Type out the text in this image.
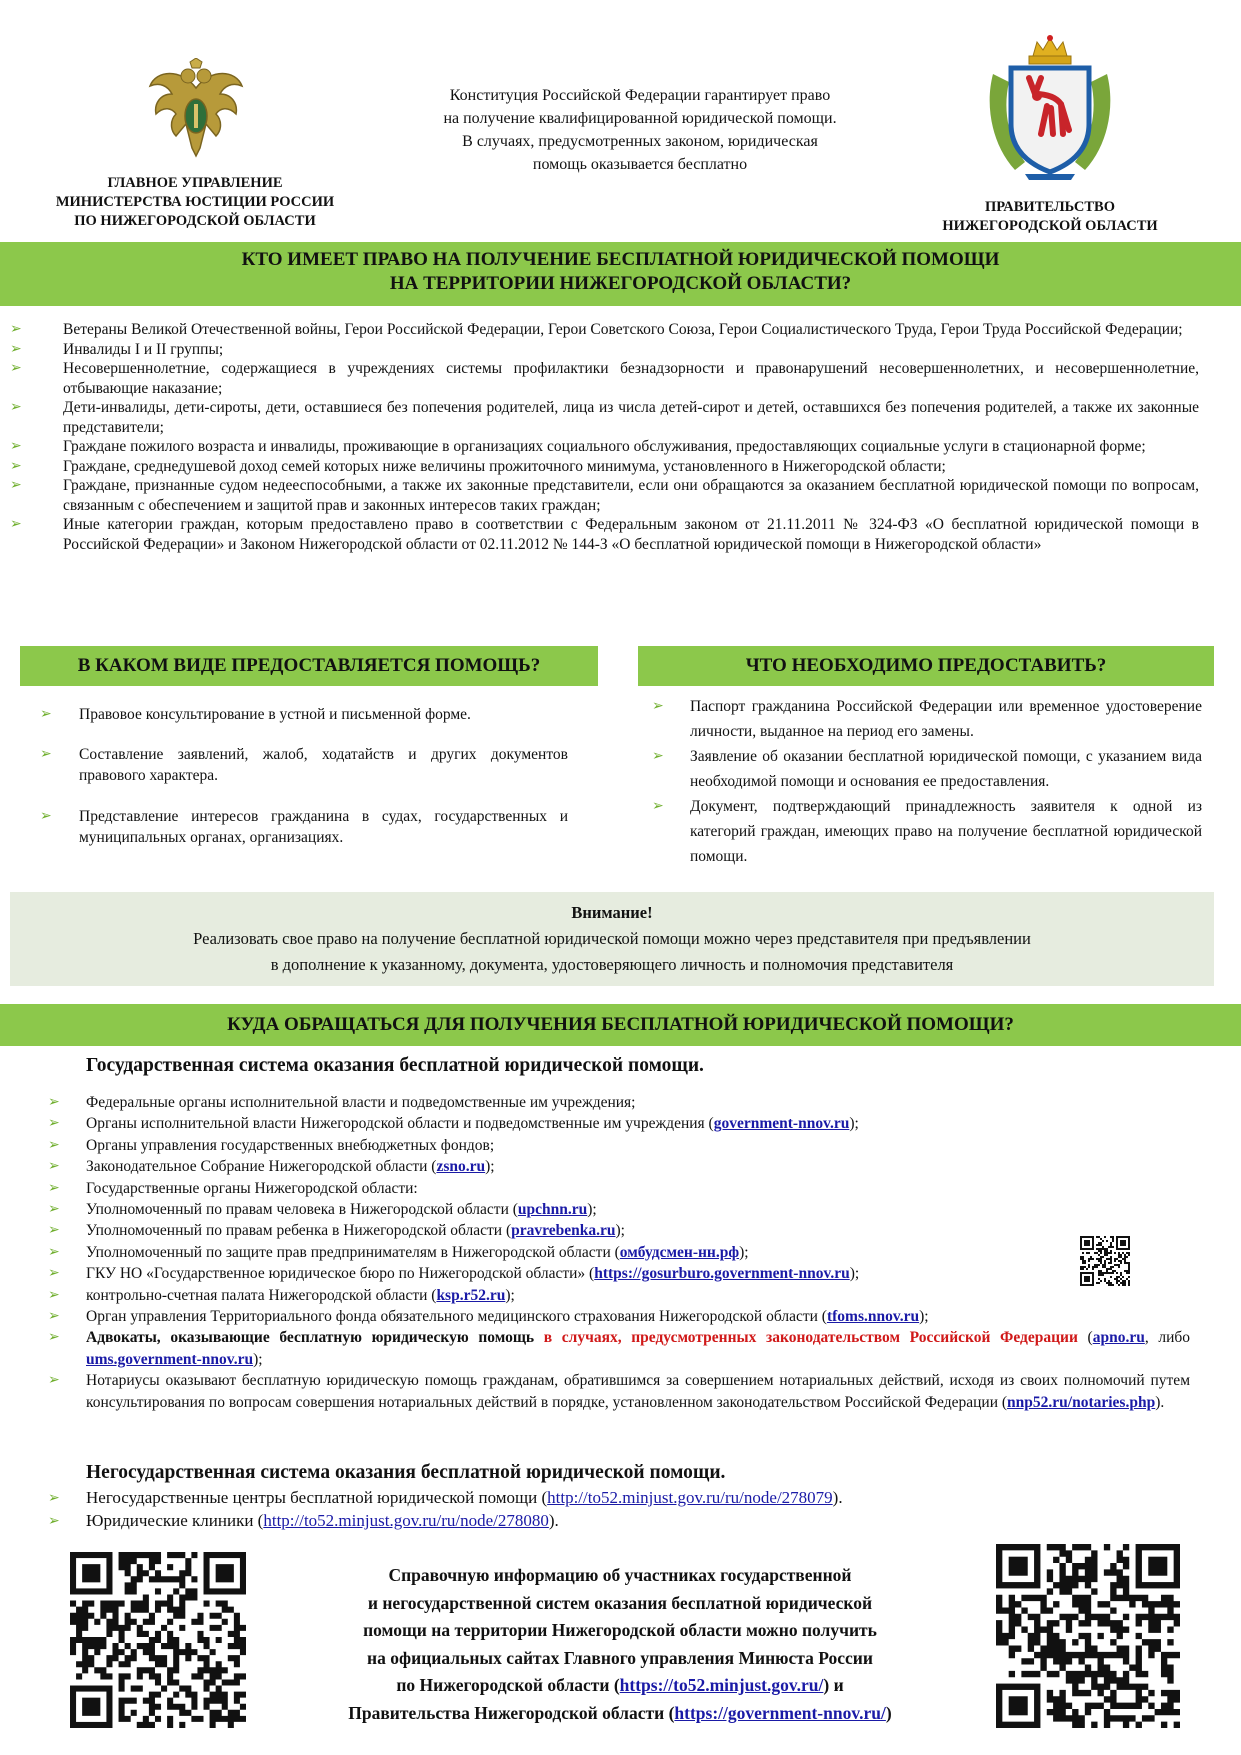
ГЛАВНОЕ УПРАВЛЕНИЕ
МИНИСТЕРСТВА ЮСТИЦИИ РОССИИ
ПО НИЖЕГОРОДСКОЙ ОБЛАСТИ
Конституция Российской Федерации гарантирует право
на получение квалифицированной юридической помощи.
В случаях, предусмотренных законом, юридическая
помощь оказывается бесплатно
ПРАВИТЕЛЬСТВО
НИЖЕГОРОДСКОЙ ОБЛАСТИ
КТО ИМЕЕТ ПРАВО НА ПОЛУЧЕНИЕ БЕСПЛАТНОЙ ЮРИДИЧЕСКОЙ ПОМОЩИ
НА ТЕРРИТОРИИ НИЖЕГОРОДСКОЙ ОБЛАСТИ?
➢	Ветераны Великой Отечественной войны, Герои Российской Федерации, Герои Советского Союза, Герои Социалистического Труда, Герои Труда Российской Федерации;
➢	Инвалиды I и II группы;
➢	Несовершеннолетние, содержащиеся в учреждениях системы профилактики безнадзорности и правонарушений несовершеннолетних, и несовершеннолетние, отбывающие наказание;
➢	Дети-инвалиды, дети-сироты, дети, оставшиеся без попечения родителей, лица из числа детей-сирот и детей, оставшихся без попечения родителей, а также их законные представители;
➢	Граждане пожилого возраста и инвалиды, проживающие в организациях социального обслуживания, предоставляющих социальные услуги в стационарной форме;
➢	Граждане, среднедушевой доход семей которых ниже величины прожиточного минимума, установленного в Нижегородской области;
➢	Граждане, признанные судом недееспособными, а также их законные представители, если они обращаются за оказанием бесплатной юридической помощи по вопросам, связанным с обеспечением и защитой прав и законных интересов таких граждан;
➢	Иные категории граждан, которым предоставлено право в соответствии с Федеральным законом от 21.11.2011 № 324-ФЗ «О бесплатной юридической помощи в Российской Федерации» и Законом Нижегородской области от 02.11.2012 № 144-З «О бесплатной юридической помощи в Нижегородской области»
В КАКОМ ВИДЕ ПРЕДОСТАВЛЯЕТСЯ ПОМОЩЬ?	ЧТО НЕОБХОДИМО ПРЕДОСТАВИТЬ?
➢ Правовое консультирование в устной и письменной форме.
➢ Составление заявлений, жалоб, ходатайств и других документов правового характера.
➢ Представление интересов гражданина в судах, государственных и муниципальных органах, организациях.
➢ Паспорт гражданина Российской Федерации или временное удостоверение личности, выданное на период его замены.
➢ Заявление об оказании бесплатной юридической помощи, с указанием вида необходимой помощи и основания ее предоставления.
➢ Документ, подтверждающий принадлежность заявителя к одной из категорий граждан, имеющих право на получение бесплатной юридической помощи.
Внимание!
Реализовать свое право на получение бесплатной юридической помощи можно через представителя при предъявлении
в дополнение к указанному, документа, удостоверяющего личность и полномочия представителя
КУДА ОБРАЩАТЬСЯ ДЛЯ ПОЛУЧЕНИЯ БЕСПЛАТНОЙ ЮРИДИЧЕСКОЙ ПОМОЩИ?
Государственная система оказания бесплатной юридической помощи.
➢ Федеральные органы исполнительной власти и подведомственные им учреждения;
➢ Органы исполнительной власти Нижегородской области и подведомственные им учреждения (government-nnov.ru);
➢ Органы управления государственных внебюджетных фондов;
➢ Законодательное Собрание Нижегородской области (zsno.ru);
➢ Государственные органы Нижегородской области:
➢ Уполномоченный по правам человека в Нижегородской области (upchnn.ru);
➢ Уполномоченный по правам ребенка в Нижегородской области (pravrebenka.ru);
➢ Уполномоченный по защите прав предпринимателям в Нижегородской области (омбудсмен-нн.рф);
➢ ГКУ НО «Государственное юридическое бюро по Нижегородской области» (https://gosurburo.government-nnov.ru);
➢ контрольно-счетная палата Нижегородской области (ksp.r52.ru);
➢ Орган управления Территориального фонда обязательного медицинского страхования Нижегородской области (tfoms.nnov.ru);
➢ Адвокаты, оказывающие бесплатную юридическую помощь в случаях, предусмотренных законодательством Российской Федерации (apno.ru, либо ums.government-nnov.ru);
➢ Нотариусы оказывают бесплатную юридическую помощь гражданам, обратившимся за совершением нотариальных действий, исходя из своих полномочий путем консультирования по вопросам совершения нотариальных действий в порядке, установленном законодательством Российской Федерации (nnp52.ru/notaries.php).
Негосударственная система оказания бесплатной юридической помощи.
➢ Негосударственные центры бесплатной юридической помощи (http://to52.minjust.gov.ru/ru/node/278079).
➢ Юридические клиники (http://to52.minjust.gov.ru/ru/node/278080).
Справочную информацию об участниках государственной
и негосударственной систем оказания бесплатной юридической
помощи на территории Нижегородской области можно получить
на официальных сайтах Главного управления Минюста России
по Нижегородской области (https://to52.minjust.gov.ru/) и
Правительства Нижегородской области (https://government-nnov.ru/)
